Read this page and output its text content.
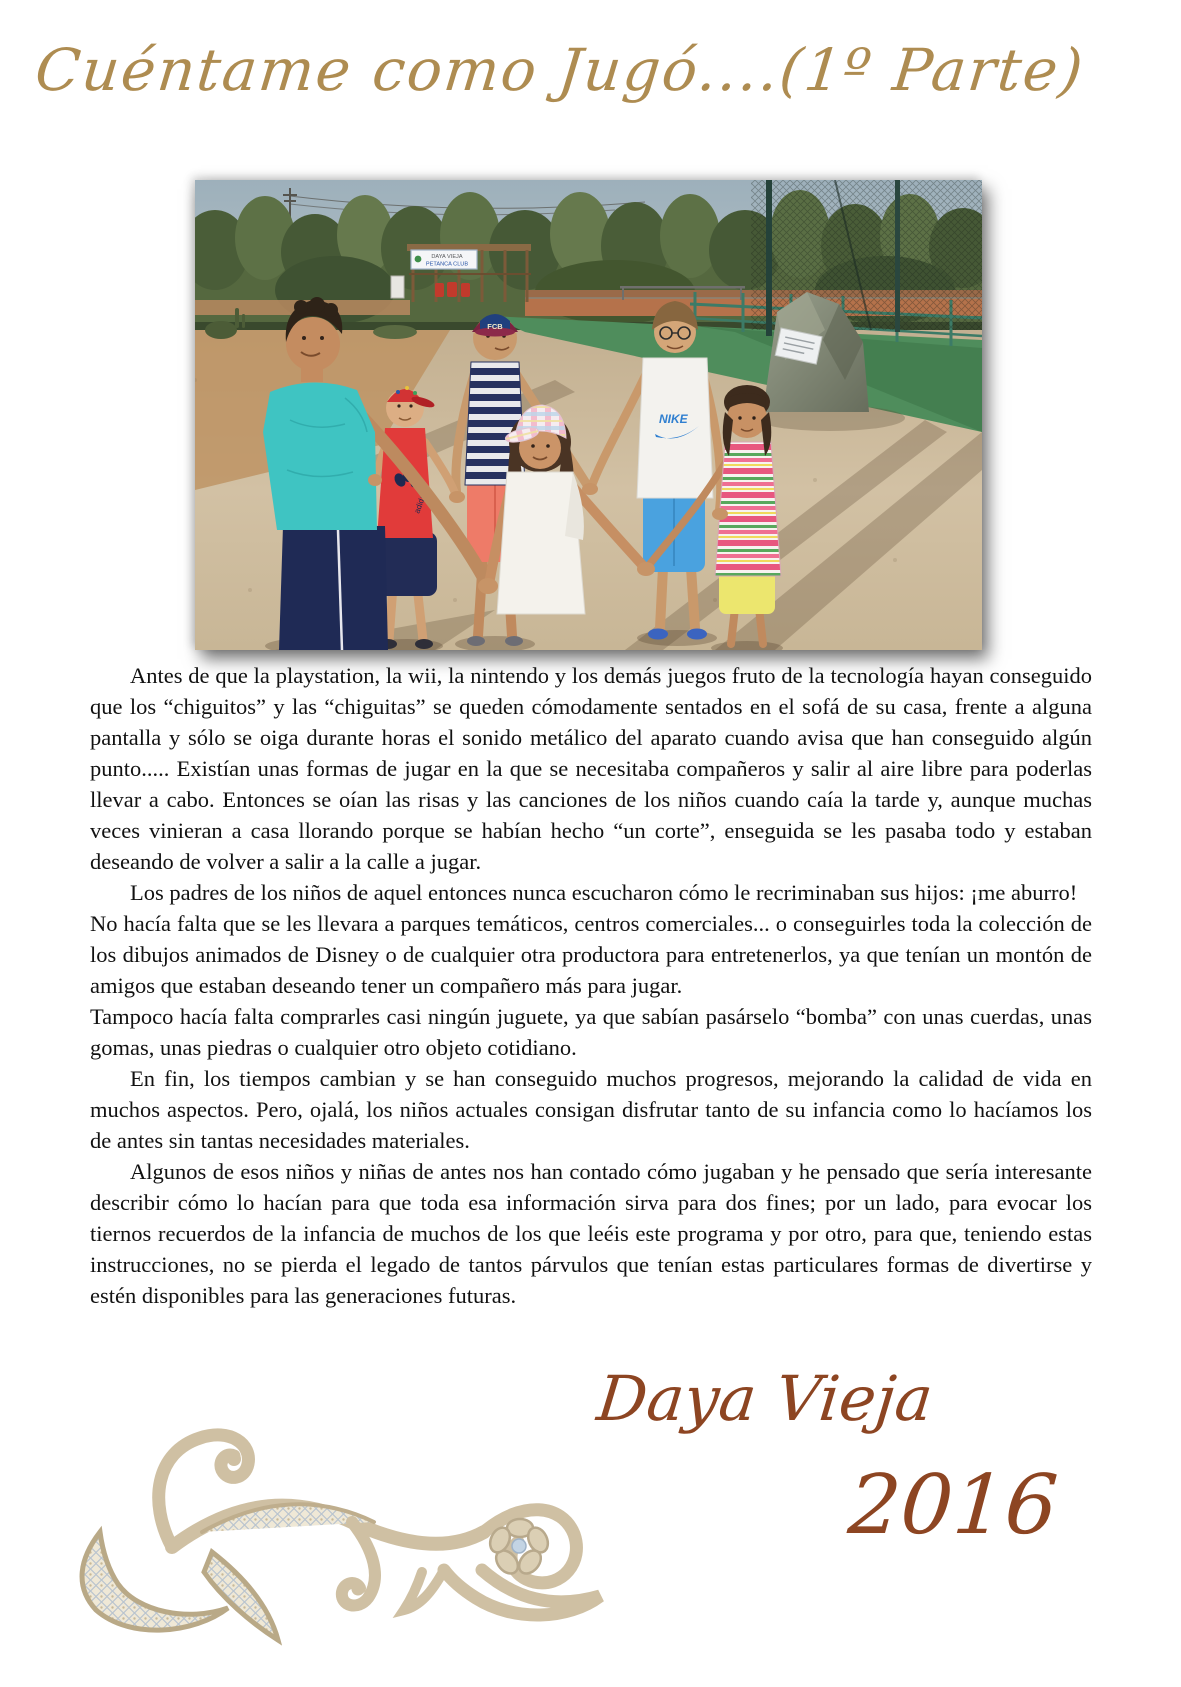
Cuéntame como Jugó....(1º Parte)
DAYA VIEJA
PETANCA CLUB
FCB
NIKE
adidas

Antes de que la playstation, la wii, la nintendo y los demás juegos fruto de la tecnología hayan conseguido que los “chiguitos” y las “chiguitas” se queden cómodamente sentados en el sofá de su casa, frente a alguna pantalla y sólo se oiga durante horas el sonido metálico del aparato cuando avisa que han conseguido algún punto..... Existían unas formas de jugar en la que se necesitaba compañeros y salir al aire libre para poderlas llevar a cabo. Entonces se oían las risas y las canciones de los niños cuando caía la tarde y, aunque muchas veces vinieran a casa llorando porque se habían hecho “un corte”, enseguida se les pasaba todo y estaban deseando de volver a salir a la calle a jugar.

Los padres de los niños de aquel entonces nunca escucharon cómo le recriminaban sus hijos: ¡me aburro!

No hacía falta que se les llevara a parques temáticos, centros comerciales... o conseguirles toda la colección de los dibujos animados de Disney o de cualquier otra productora para entretenerlos, ya que tenían un montón de amigos que estaban deseando tener un compañero más para jugar.

Tampoco hacía falta comprarles casi ningún juguete, ya que sabían pasárselo “bomba” con unas cuerdas, unas gomas, unas piedras o cualquier otro objeto cotidiano.

En fin, los tiempos cambian y se han conseguido muchos progresos, mejorando la calidad de vida en muchos aspectos. Pero, ojalá, los niños actuales consigan disfrutar tanto de su infancia como lo hacíamos los de antes sin tantas necesidades materiales.

Algunos de esos niños y niñas de antes nos han contado cómo jugaban y he pensado que sería interesante describir cómo lo hacían para que toda esa información sirva para dos fines; por un lado, para evocar los tiernos recuerdos de la infancia de muchos de los que leéis este programa y por otro, para que, teniendo estas instrucciones, no se pierda el legado de tantos párvulos que tenían estas particulares formas de divertirse y estén disponibles para las generaciones futuras.

Daya Vieja
2016
